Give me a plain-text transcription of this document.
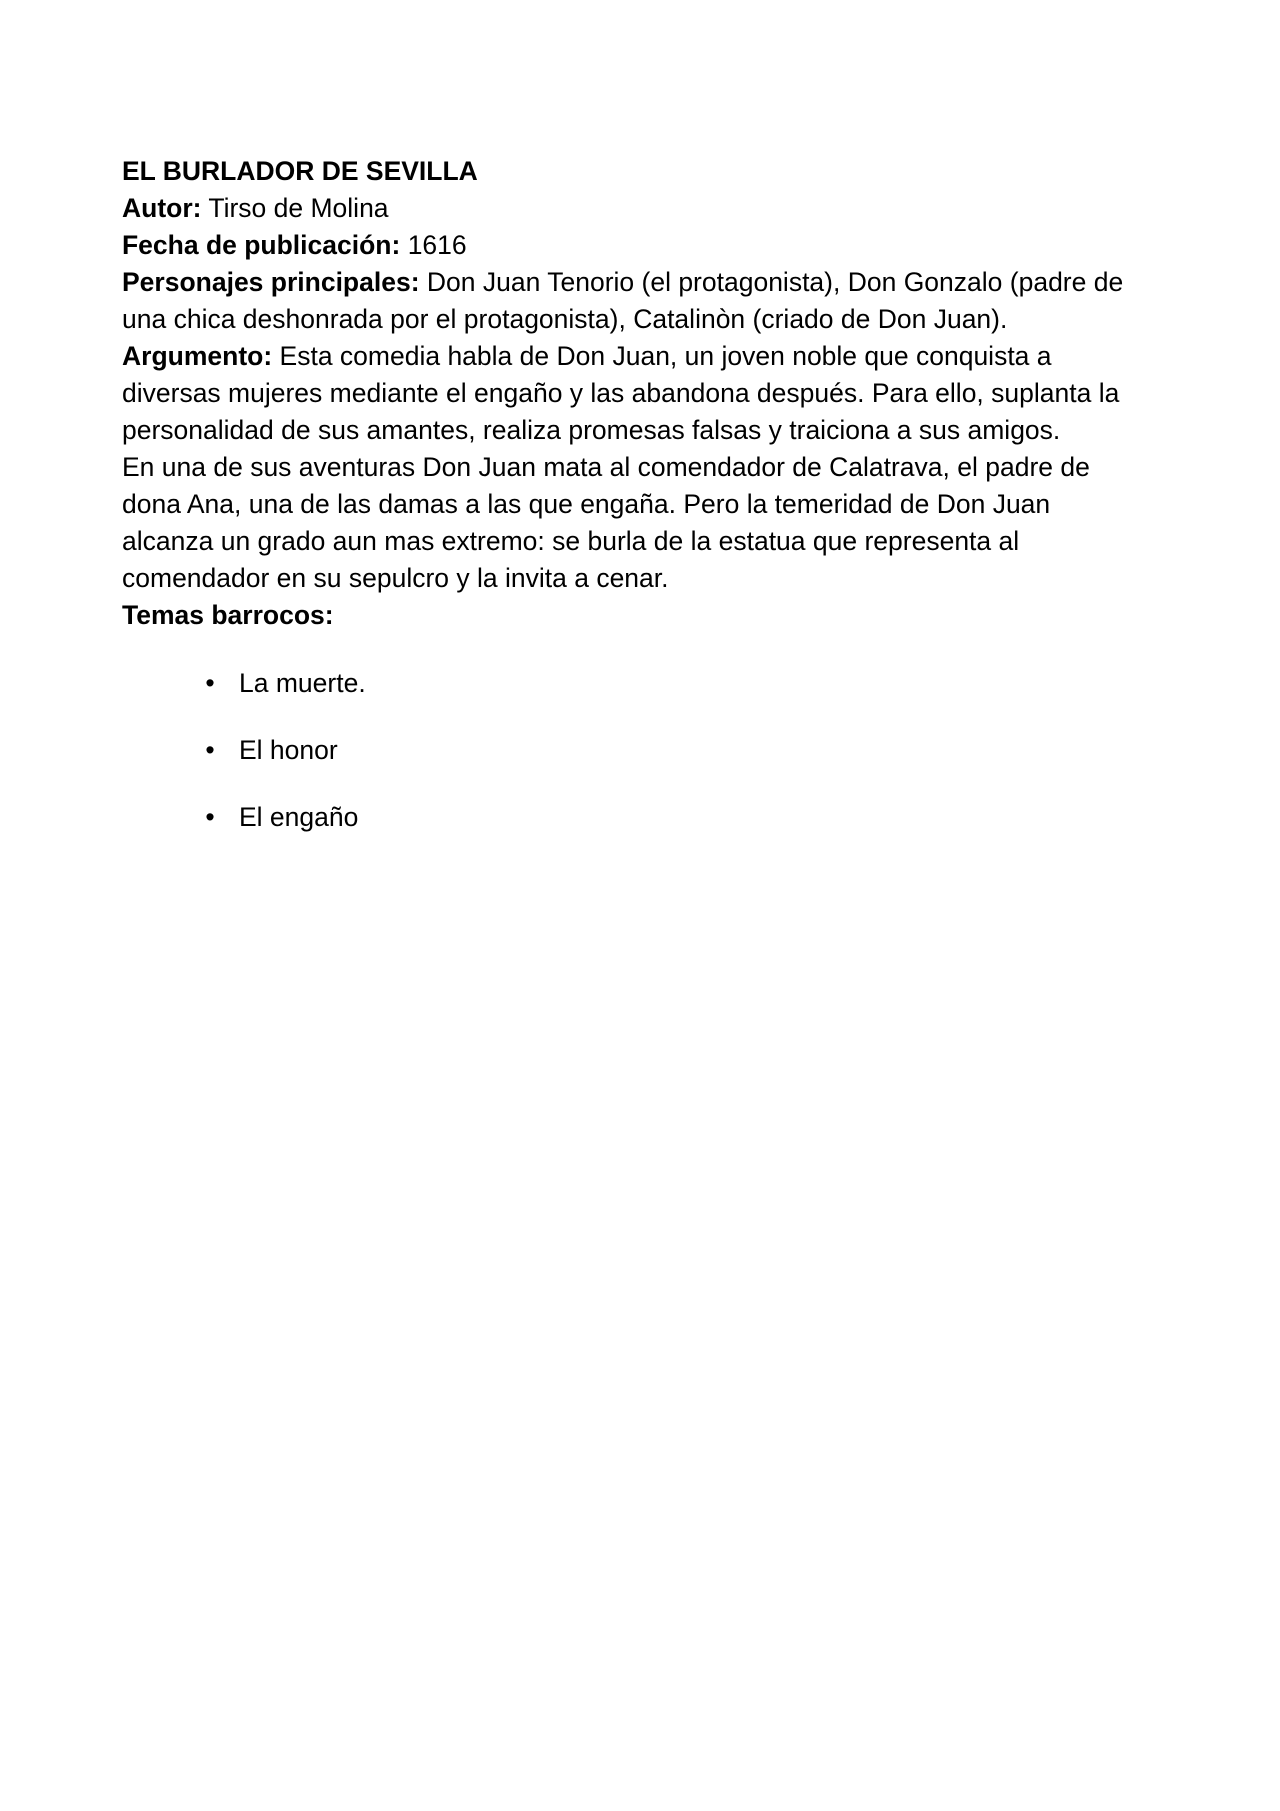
EL BURLADOR DE SEVILLA

Autor: Tirso de Molina

Fecha de publicación: 1616

Personajes principales: Don Juan Tenorio (el protagonista), Don Gonzalo (padre de

una chica deshonrada por el protagonista), Catalinòn (criado de Don Juan).

Argumento: Esta comedia habla de Don Juan, un joven noble que conquista a

diversas mujeres mediante el engaño y las abandona después. Para ello, suplanta la

personalidad de sus amantes, realiza promesas falsas y traiciona a sus amigos.

En una de sus aventuras Don Juan mata al comendador de Calatrava, el padre de

dona Ana, una de las damas a las que engaña. Pero la temeridad de Don Juan

alcanza un grado aun mas extremo: se burla de la estatua que representa al

comendador en su sepulcro y la invita a cenar.

Temas barrocos:

• La muerte.
• El honor
• El engaño
